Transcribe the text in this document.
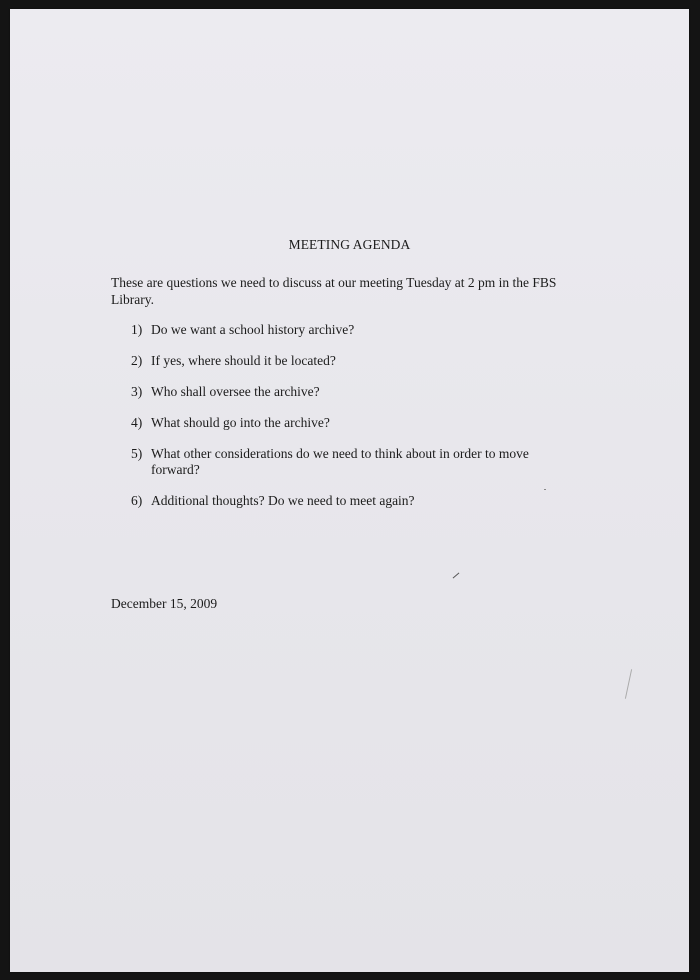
MEETING AGENDA
These are questions we need to discuss at our meeting Tuesday at 2 pm in the FBS Library.
1) Do we want a school history archive?
2) If yes, where should it be located?
3) Who shall oversee the archive?
4) What should go into the archive?
5) What other considerations do we need to think about in order to move forward?
6) Additional thoughts? Do we need to meet again?
December 15, 2009
